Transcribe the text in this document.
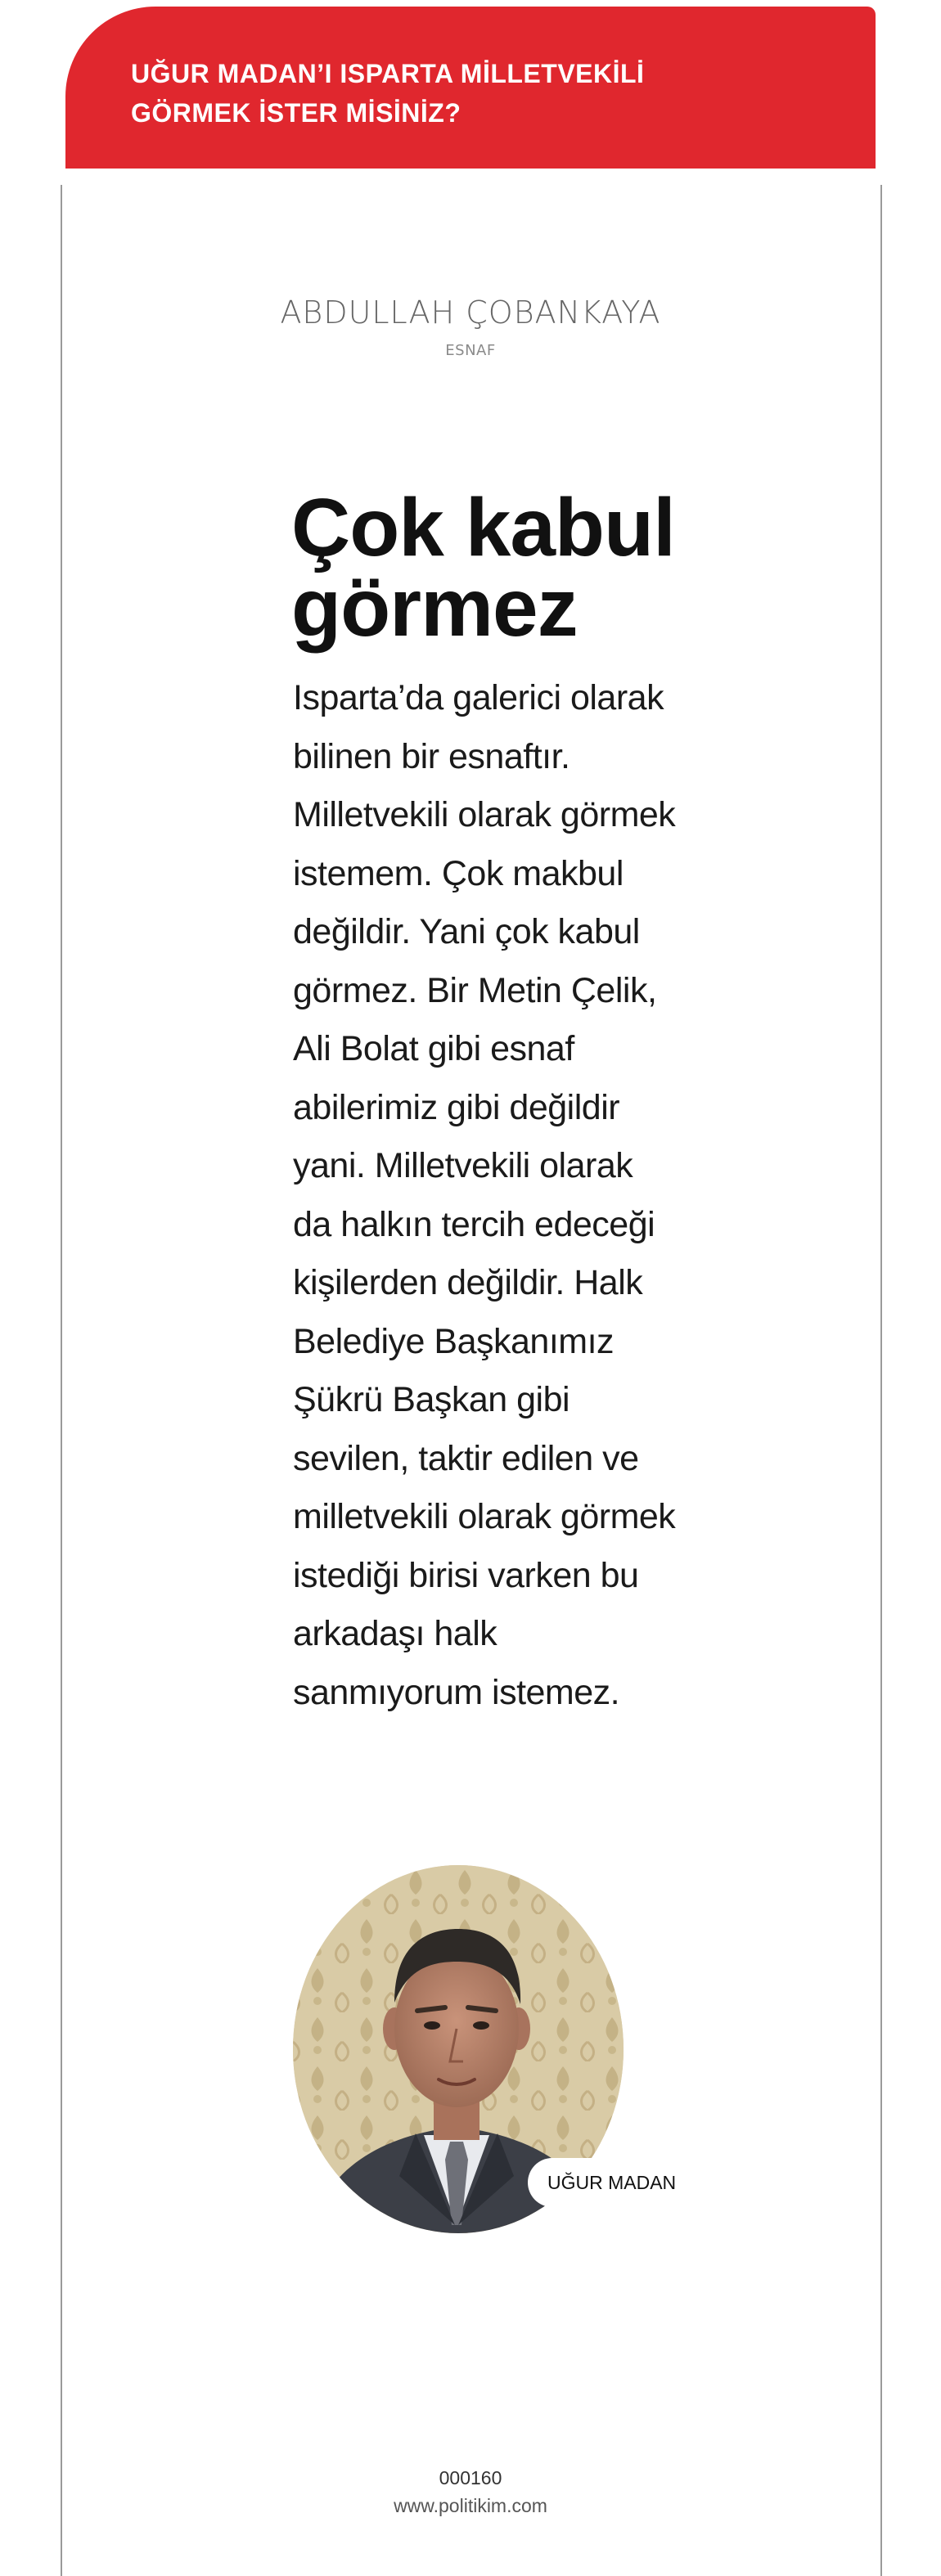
UĞUR MADAN’I ISPARTA MİLLETVEKİLİ
GÖRMEK İSTER MİSİNİZ?
ABDULLAH ÇOBANKAYA
ESNAF
Çok kabul
görmez

Isparta’da galerici olarak bilinen bir esnaftır. Milletvekili olarak görmek istemem. Çok makbul değildir. Yani çok kabul görmez. Bir Metin Çelik, Ali Bolat gibi esnaf abilerimiz gibi değildir yani. Milletvekili olarak da halkın tercih edeceği kişilerden değildir. Halk Belediye Başkanımız Şükrü Başkan gibi sevilen, taktir edilen ve milletvekili olarak görmek istediği birisi varken bu arkadaşı halk sanmıyorum istemez.

UĞUR MADAN
000160
www.politikim.com
